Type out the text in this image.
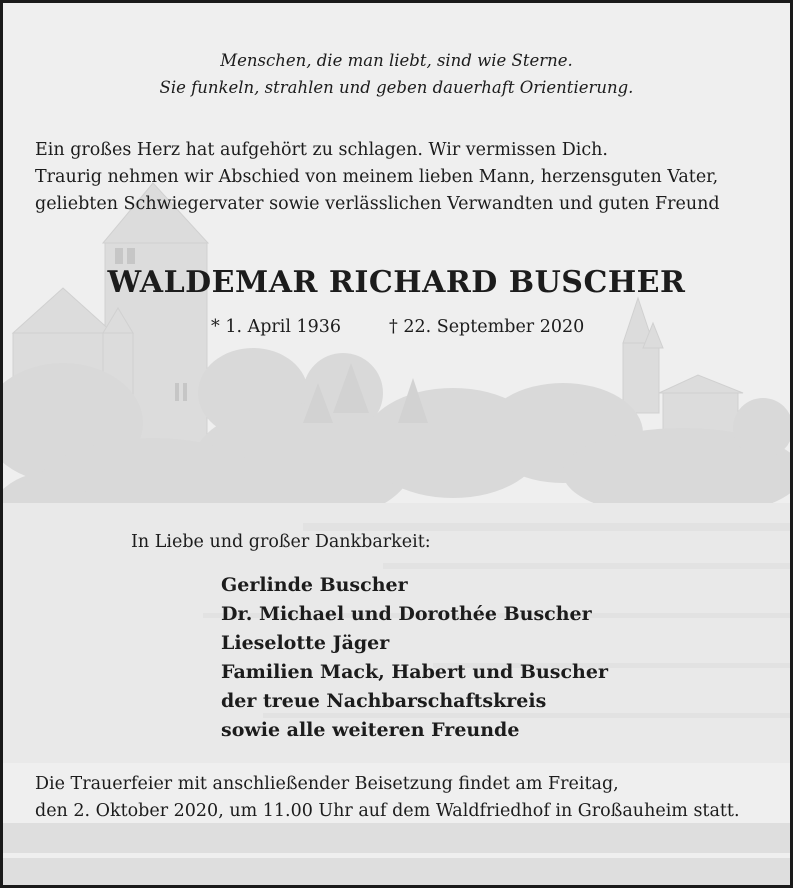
Menschen, die man liebt, sind wie Sterne.
Sie funkeln, strahlen und geben dauerhaft Orientierung.
Ein großes Herz hat aufgehört zu schlagen. Wir vermissen Dich.
Traurig nehmen wir Abschied von meinem lieben Mann, herzensguten Vater,
geliebten Schwiegervater sowie verlässlichen Verwandten und guten Freund
WALDEMAR RICHARD BUSCHER
* 1. April 1936	† 22. September 2020
In Liebe und großer Dankbarkeit:
Gerlinde Buscher
Dr. Michael und Dorothée Buscher
Lieselotte Jäger
Familien Mack, Habert und Buscher
der treue Nachbarschaftskreis
sowie alle weiteren Freunde
Die Trauerfeier mit anschließender Beisetzung findet am Freitag,
den 2. Oktober 2020, um 11.00 Uhr auf dem Waldfriedhof in Großauheim statt.
